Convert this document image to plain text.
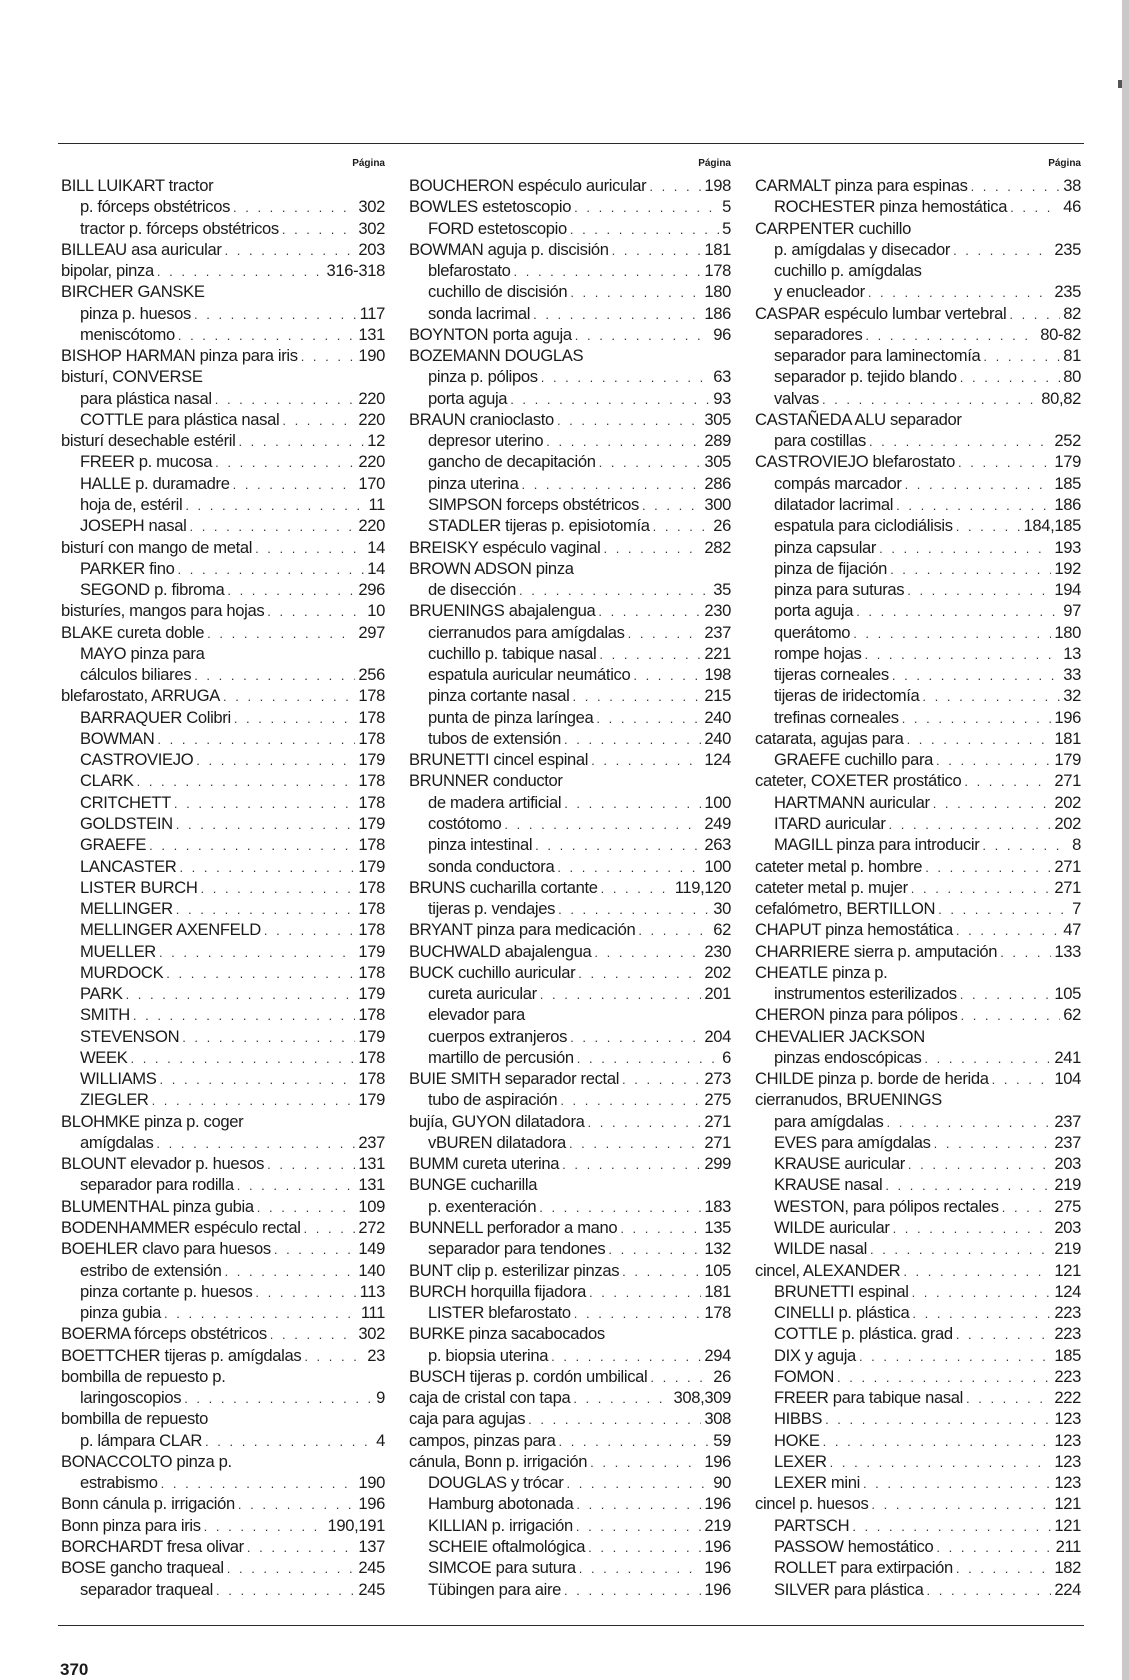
Página
BILL LUIKART tractor
p. fórceps obstétricos . . .	302
tractor p. fórceps obstétricos . . .	302
BILLEAU asa auricular . . .	203
bipolar, pinza . . .	316-318
BIRCHER GANSKE
pinza p. huesos . . .	117
meniscótomo . . .	131
BISHOP HARMAN pinza para iris . . .	190
bisturí, CONVERSE
para plástica nasal . . .	220
COTTLE para plástica nasal . . .	220
bisturí desechable estéril . . .	12
FREER p. mucosa . . .	220
HALLE p. duramadre . . .	170
hoja de, estéril . . .	11
JOSEPH nasal . . .	220
bisturí con mango de metal . . .	14
PARKER fino . . .	14
SEGOND p. fibroma . . .	296
bisturíes, mangos para hojas . . .	10
BLAKE cureta doble . . .	297
MAYO pinza para
cálculos biliares . . .	256
blefarostato, ARRUGA . . .	178
BARRAQUER Colibri . . .	178
BOWMAN . . .	178
CASTROVIEJO . . .	179
CLARK . . .	178
CRITCHETT . . .	178
GOLDSTEIN . . .	179
GRAEFE . . .	178
LANCASTER . . .	179
LISTER BURCH . . .	178
MELLINGER . . .	178
MELLINGER AXENFELD . . .	178
MUELLER . . .	179
MURDOCK . . .	178
PARK . . .	179
SMITH . . .	178
STEVENSON . . .	179
WEEK . . .	178
WILLIAMS . . .	178
ZIEGLER . . .	179
BLOHMKE pinza p. coger
amígdalas . . .	237
BLOUNT elevador p. huesos . . .	131
separador para rodilla . . .	131
BLUMENTHAL pinza gubia . . .	109
BODENHAMMER espéculo rectal . . .	272
BOEHLER clavo para huesos . . .	149
estribo de extensión . . .	140
pinza cortante p. huesos . . .	113
pinza gubia . . .	111
BOERMA fórceps obstétricos . . .	302
BOETTCHER tijeras p. amígdalas . . .	23
bombilla de repuesto p.
laringoscopios . . .	9
bombilla de repuesto
p. lámpara CLAR . . .	4
BONACCOLTO pinza p.
estrabismo . . .	190
Bonn cánula p. irrigación . . .	196
Bonn pinza para iris . . .	190,191
BORCHARDT fresa olivar . . .	137
BOSE gancho traqueal . . .	245
separador traqueal . . .	245
Página
BOUCHERON espéculo auricular . . .	198
BOWLES estetoscopio . . .	5
FORD estetoscopio . . .	5
BOWMAN aguja p. discisión . . .	181
blefarostato . . .	178
cuchillo de discisión . . .	180
sonda lacrimal . . .	186
BOYNTON porta aguja . . .	96
BOZEMANN DOUGLAS
pinza p. pólipos . . .	63
porta aguja . . .	93
BRAUN cranioclasto . . .	305
depresor uterino . . .	289
gancho de decapitación . . .	305
pinza uterina . . .	286
SIMPSON forceps obstétricos . . .	300
STADLER tijeras p. episiotomía . . .	26
BREISKY espéculo vaginal . . .	282
BROWN ADSON pinza
de disección . . .	35
BRUENINGS abajalengua . . .	230
cierranudos para amígdalas . . .	237
cuchillo p. tabique nasal . . .	221
espatula auricular neumático . . .	198
pinza cortante nasal . . .	215
punta de pinza laríngea . . .	240
tubos de extensión . . .	240
BRUNETTI cincel espinal . . .	124
BRUNNER conductor
de madera artificial . . .	100
costótomo . . .	249
pinza intestinal . . .	263
sonda conductora . . .	100
BRUNS cucharilla cortante . . .	119,120
tijeras p. vendajes . . .	30
BRYANT pinza para medicación . . .	62
BUCHWALD abajalengua . . .	230
BUCK cuchillo auricular . . .	202
cureta auricular . . .	201
elevador para
cuerpos extranjeros . . .	204
martillo de percusión . . .	6
BUIE SMITH separador rectal . . .	273
tubo de aspiración . . .	275
bujía, GUYON dilatadora . . .	271
vBUREN dilatadora . . .	271
BUMM cureta uterina . . .	299
BUNGE cucharilla
p. exenteración . . .	183
BUNNELL perforador a mano . . .	135
separador para tendones . . .	132
BUNT clip p. esterilizar pinzas . . .	105
BURCH horquilla fijadora . . .	181
LISTER blefarostato . . .	178
BURKE pinza sacabocados
p. biopsia uterina . . .	294
BUSCH tijeras p. cordón umbilical . . .	26
caja de cristal con tapa . . .	308,309
caja para agujas . . .	308
campos, pinzas para . . .	59
cánula, Bonn p. irrigación . . .	196
DOUGLAS y trócar . . .	90
Hamburg abotonada . . .	196
KILLIAN p. irrigación . . .	219
SCHEIE oftalmológica . . .	196
SIMCOE para sutura . . .	196
Tübingen para aire . . .	196
Página
CARMALT pinza para espinas . . .	38
ROCHESTER pinza hemostática . . .	46
CARPENTER cuchillo
p. amígdalas y disecador . . .	235
cuchillo p. amígdalas
y enucleador . . .	235
CASPAR espéculo lumbar vertebral . . .	82
separadores . . .	80-82
separador para laminectomía . . .	81
separador p. tejido blando . . .	80
valvas . . .	80,82
CASTAÑEDA ALU separador
para costillas . . .	252
CASTROVIEJO blefarostato . . .	179
compás marcador . . .	185
dilatador lacrimal . . .	186
espatula para ciclodiálisis . . .	184,185
pinza capsular . . .	193
pinza de fijación . . .	192
pinza para suturas . . .	194
porta aguja . . .	97
querátomo . . .	180
rompe hojas . . .	13
tijeras corneales . . .	33
tijeras de iridectomía . . .	32
trefinas corneales . . .	196
catarata, agujas para . . .	181
GRAEFE cuchillo para . . .	179
cateter, COXETER prostático . . .	271
HARTMANN auricular . . .	202
ITARD auricular . . .	202
MAGILL pinza para introducir . . .	8
cateter metal p. hombre . . .	271
cateter metal p. mujer . . .	271
cefalómetro, BERTILLON . . .	7
CHAPUT pinza hemostática . . .	47
CHARRIERE sierra p. amputación . . .	133
CHEATLE pinza p.
instrumentos esterilizados . . .	105
CHERON pinza para pólipos . . .	62
CHEVALIER JACKSON
pinzas endoscópicas . . .	241
CHILDE pinza p. borde de herida . . .	104
cierranudos, BRUENINGS
para amígdalas . . .	237
EVES para amígdalas . . .	237
KRAUSE auricular . . .	203
KRAUSE nasal . . .	219
WESTON, para pólipos rectales . . .	275
WILDE auricular . . .	203
WILDE nasal . . .	219
cincel, ALEXANDER . . .	121
BRUNETTI espinal . . .	124
CINELLI p. plástica . . .	223
COTTLE p. plástica. grad . . .	223
DIX y aguja . . .	185
FOMON . . .	223
FREER para tabique nasal . . .	222
HIBBS . . .	123
HOKE . . .	123
LEXER . . .	123
LEXER mini . . .	123
cincel p. huesos . . .	121
PARTSCH . . .	121
PASSOW hemostático . . .	211
ROLLET para extirpación . . .	182
SILVER para plástica . . .	224
370
